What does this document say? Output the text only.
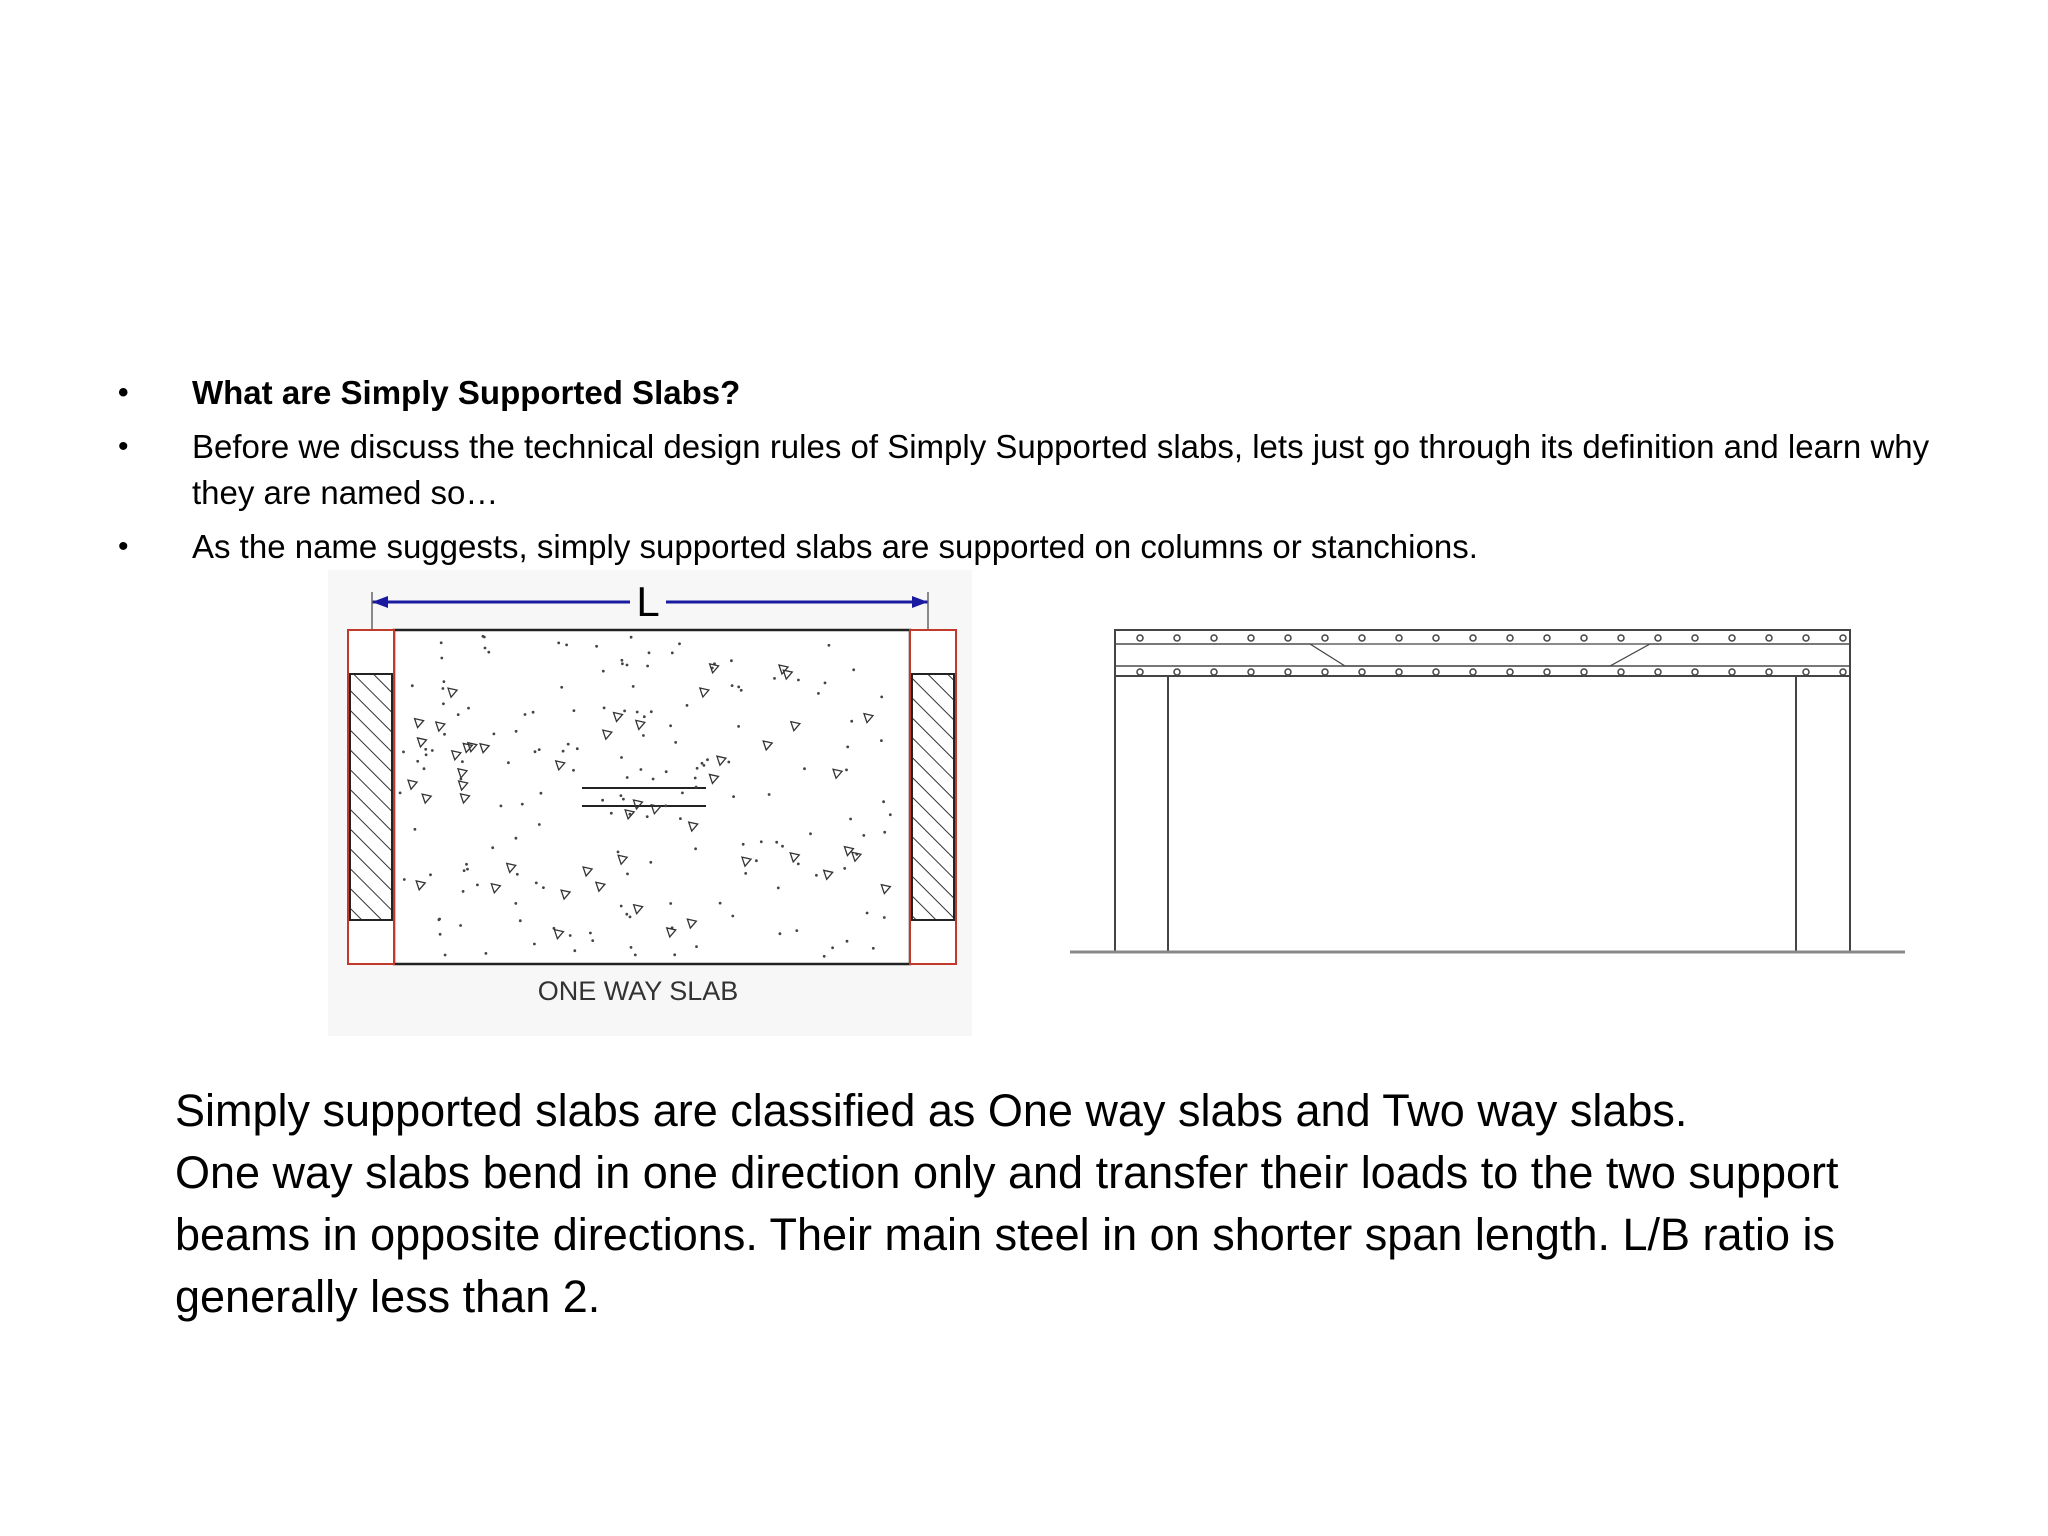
• What are Simply Supported Slabs?
• Before we discuss the technical design rules of Simply Supported slabs, lets just go through its definition and learn why they are named so…
• As the name suggests, simply supported slabs are supported on columns or stanchions.
L
ONE WAY SLAB

Simply supported slabs are classified as One way slabs and Two way slabs.

One way slabs bend in one direction only and transfer their loads to the two support beams in opposite directions. Their main steel in on shorter span length. L/B ratio is generally less than 2.
